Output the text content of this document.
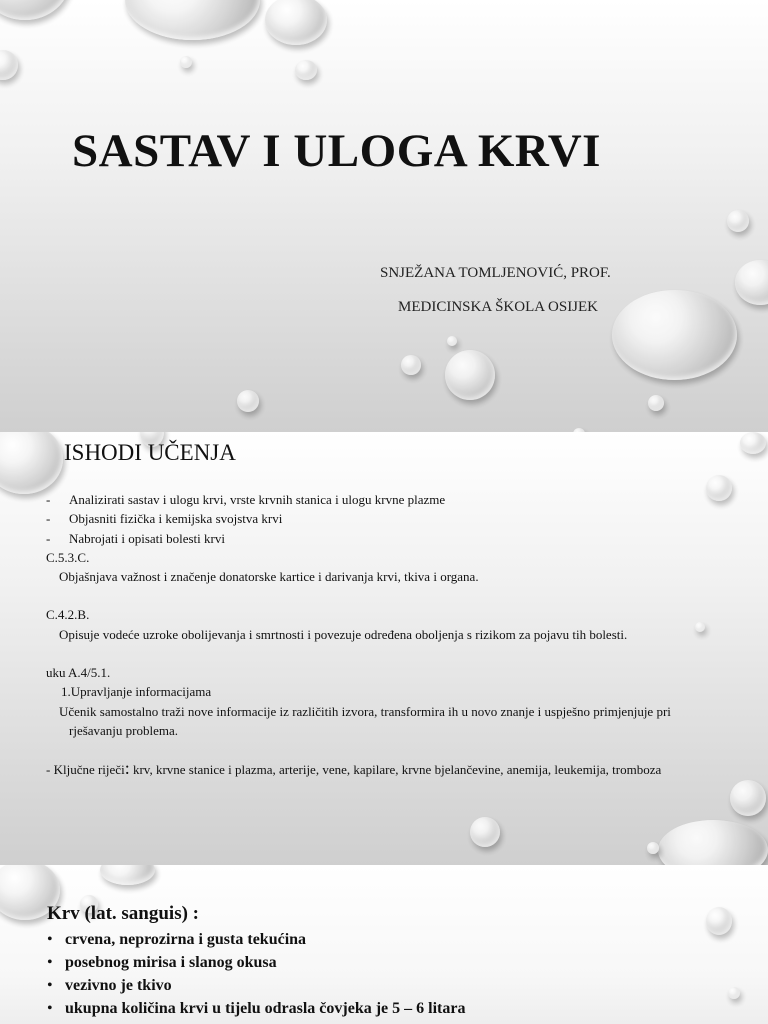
SASTAV I ULOGA KRVI
SNJEŽANA TOMLJENOVIĆ, PROF.
MEDICINSKA ŠKOLA OSIJEK
ISHODI UČENJA
- Analizirati sastav i ulogu krvi, vrste krvnih stanica i ulogu krvne plazme
- Objasniti fizička i kemijska svojstva krvi
- Nabrojati i opisati bolesti krvi
C.5.3.C.
Objašnjava važnost i značenje donatorske kartice i darivanja krvi, tkiva i organa.
C.4.2.B.
Opisuje vodeće uzroke obolijevanja i smrtnosti i povezuje određena oboljenja s rizikom za pojavu tih bolesti.
uku A.4/5.1.
1.Upravljanje informacijama
Učenik samostalno traži nove informacije iz različitih izvora, transformira ih u novo znanje i uspješno primjenjuje pri rješavanju problema.
- Ključne riječi: krv, krvne stanice i plazma, arterije, vene, kapilare, krvne bjelančevine, anemija, leukemija, tromboza
Krv (lat. sanguis) :
• crvena, neprozirna i gusta tekućina
• posebnog mirisa i slanog okusa
• vezivno je tkivo
• ukupna količina krvi u tijelu odrasla čovjeka je 5 – 6 litara
